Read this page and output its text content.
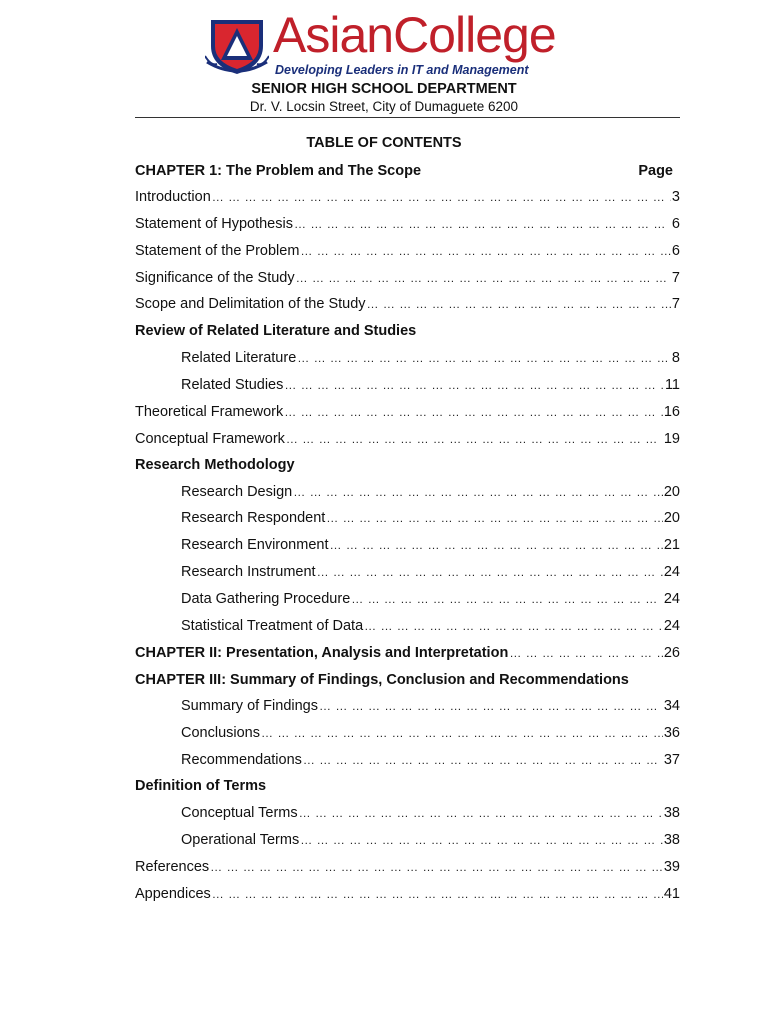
AsianCollege
Developing Leaders in IT and Management
SENIOR HIGH SCHOOL DEPARTMENT
Dr. V. Locsin Street, City of Dumaguete 6200
TABLE OF CONTENTS
CHAPTER 1: The Problem and The Scope	Page
Introduction … … … … … … … … … … … … … … … … … … … … … … … … … … … … … … … … … … … … … … … … … … … … … … … … … … … … … … … … … … …	3
Statement of Hypothesis … … … … … … … … … … … … … … … … … … … … … … … … … … … … … … … … … … … … … … … … … … … … … … … … … … … … … … … … … … …	6
Statement of the Problem … … … … … … … … … … … … … … … … … … … … … … … … … … … … … … … … … … … … … … … … … … … … … … … … … … … … … … … … … … …	6
Significance of the Study … … … … … … … … … … … … … … … … … … … … … … … … … … … … … … … … … … … … … … … … … … … … … … … … … … … … … … … … … … …	7
Scope and Delimitation of the Study … … … … … … … … … … … … … … … … … … … … … … … … … … … … … … … … … … … … … … … … … … … … … … … … … … … … … … … … … … …	7
Review of Related Literature and Studies
Related Literature … … … … … … … … … … … … … … … … … … … … … … … … … … … … … … … … … … … … … … … … … … … … … … … … … … … … … … … … … … …	8
Related Studies … … … … … … … … … … … … … … … … … … … … … … … … … … … … … … … … … … … … … … … … … … … … … … … … … … … … … … … … … … …	11
Theoretical Framework … … … … … … … … … … … … … … … … … … … … … … … … … … … … … … … … … … … … … … … … … … … … … … … … … … … … … … … … … … …	16
Conceptual Framework … … … … … … … … … … … … … … … … … … … … … … … … … … … … … … … … … … … … … … … … … … … … … … … … … … … … … … … … … … …	19
Research Methodology
Research Design … … … … … … … … … … … … … … … … … … … … … … … … … … … … … … … … … … … … … … … … … … … … … … … … … … … … … … … … … … …	20
Research Respondent … … … … … … … … … … … … … … … … … … … … … … … … … … … … … … … … … … … … … … … … … … … … … … … … … … … … … … … … … … …	20
Research Environment … … … … … … … … … … … … … … … … … … … … … … … … … … … … … … … … … … … … … … … … … … … … … … … … … … … … … … … … … … …	21
Research Instrument … … … … … … … … … … … … … … … … … … … … … … … … … … … … … … … … … … … … … … … … … … … … … … … … … … … … … … … … … … …	24
Data Gathering Procedure … … … … … … … … … … … … … … … … … … … … … … … … … … … … … … … … … … … … … … … … … … … … … … … … … … … … … … … … … … …	24
Statistical Treatment of Data … … … … … … … … … … … … … … … … … … … … … … … … … … … … … … … … … … … … … … … … … … … … … … … … … … … … … … … … … … …	24
CHAPTER II: Presentation, Analysis and Interpretation … … … … … … … … … … … … … … … … … … … … … … … … … … … … … … … … … … … … … … … … … … … … … … … … … … … … … … … … … … …	26
CHAPTER III: Summary of Findings, Conclusion and Recommendations
Summary of Findings … … … … … … … … … … … … … … … … … … … … … … … … … … … … … … … … … … … … … … … … … … … … … … … … … … … … … … … … … … …	34
Conclusions … … … … … … … … … … … … … … … … … … … … … … … … … … … … … … … … … … … … … … … … … … … … … … … … … … … … … … … … … … …	36
Recommendations … … … … … … … … … … … … … … … … … … … … … … … … … … … … … … … … … … … … … … … … … … … … … … … … … … … … … … … … … … …	37
Definition of Terms
Conceptual Terms … … … … … … … … … … … … … … … … … … … … … … … … … … … … … … … … … … … … … … … … … … … … … … … … … … … … … … … … … … …	38
Operational Terms … … … … … … … … … … … … … … … … … … … … … … … … … … … … … … … … … … … … … … … … … … … … … … … … … … … … … … … … … … …	38
References … … … … … … … … … … … … … … … … … … … … … … … … … … … … … … … … … … … … … … … … … … … … … … … … … … … … … … … … … … …	39
Appendices … … … … … … … … … … … … … … … … … … … … … … … … … … … … … … … … … … … … … … … … … … … … … … … … … … … … … … … … … … …	41
